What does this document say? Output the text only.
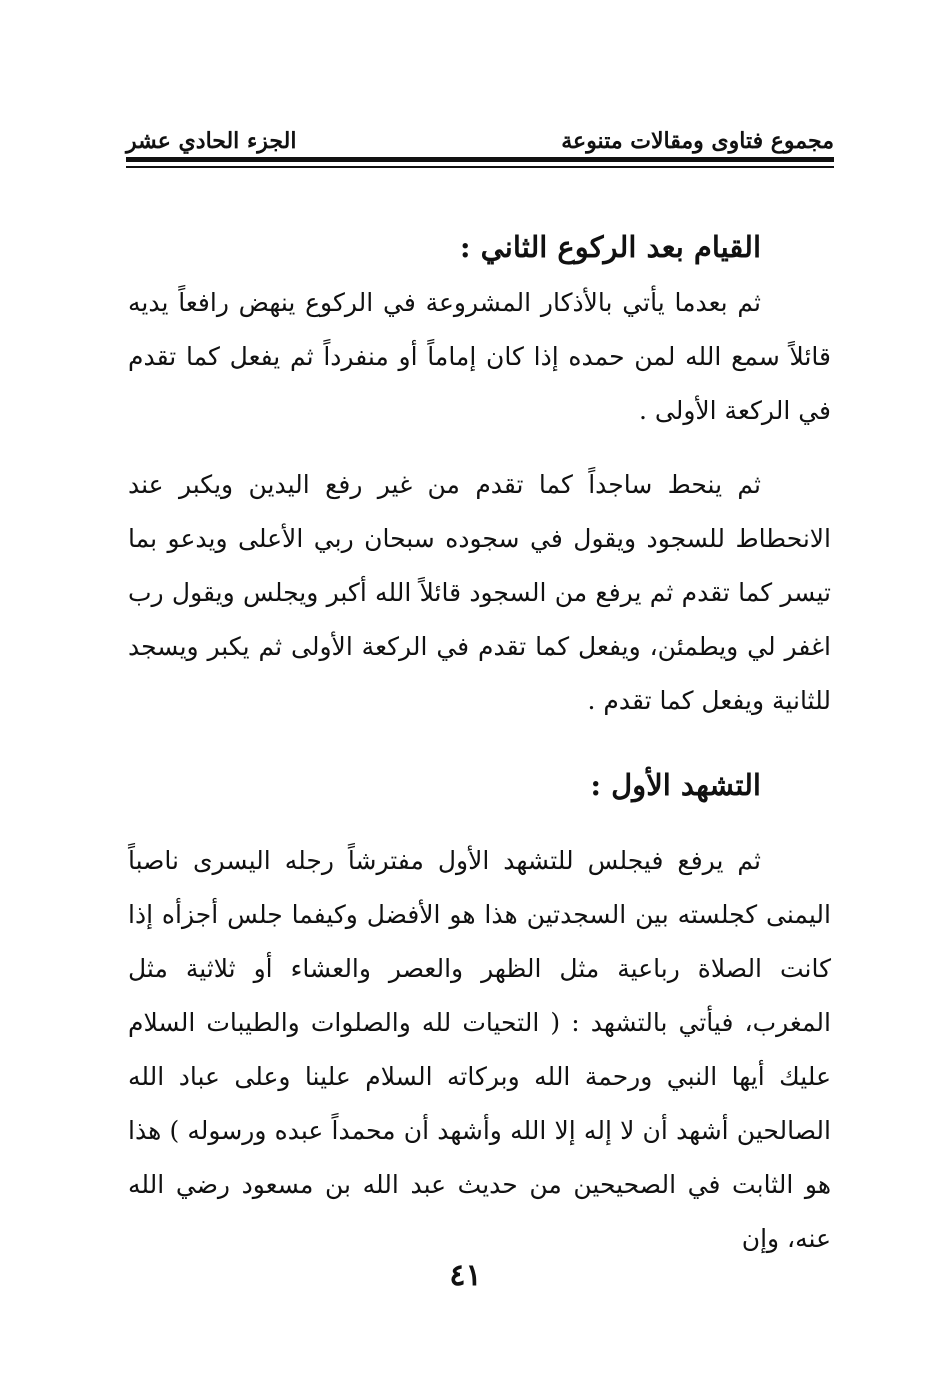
مجموع فتاوى ومقالات متنوعة
الجزء الحادي عشر
القيام بعد الركوع الثاني :

ثم بعدما يأتي بالأذكار المشروعة في الركوع ينهض رافعاً يديه قائلاً سمع الله لمن حمده إذا كان إماماً أو منفرداً ثم يفعل كما تقدم في الركعة الأولى .

ثم ينحط ساجداً كما تقدم من غير رفع اليدين ويكبر عند الانحطاط للسجود ويقول في سجوده سبحان ربي الأعلى ويدعو بما تيسر كما تقدم ثم يرفع من السجود قائلاً الله أكبر ويجلس ويقول رب اغفر لي ويطمئن، ويفعل كما تقدم في الركعة الأولى ثم يكبر ويسجد للثانية ويفعل كما تقدم .

التشهد الأول :

ثم يرفع فيجلس للتشهد الأول مفترشاً رجله اليسرى ناصباً اليمنى كجلسته بين السجدتين هذا هو الأفضل وكيفما جلس أجزأه إذا كانت الصلاة رباعية مثل الظهر والعصر والعشاء أو ثلاثية مثل المغرب، فيأتي بالتشهد : ( التحيات لله والصلوات والطيبات السلام عليك أيها النبي ورحمة الله وبركاته السلام علينا وعلى عباد الله الصالحين أشهد أن لا إله إلا الله وأشهد أن محمداً عبده ورسوله ) هذا هو الثابت في الصحيحين من حديث عبد الله بن مسعود رضي الله عنه، وإن

٤١
